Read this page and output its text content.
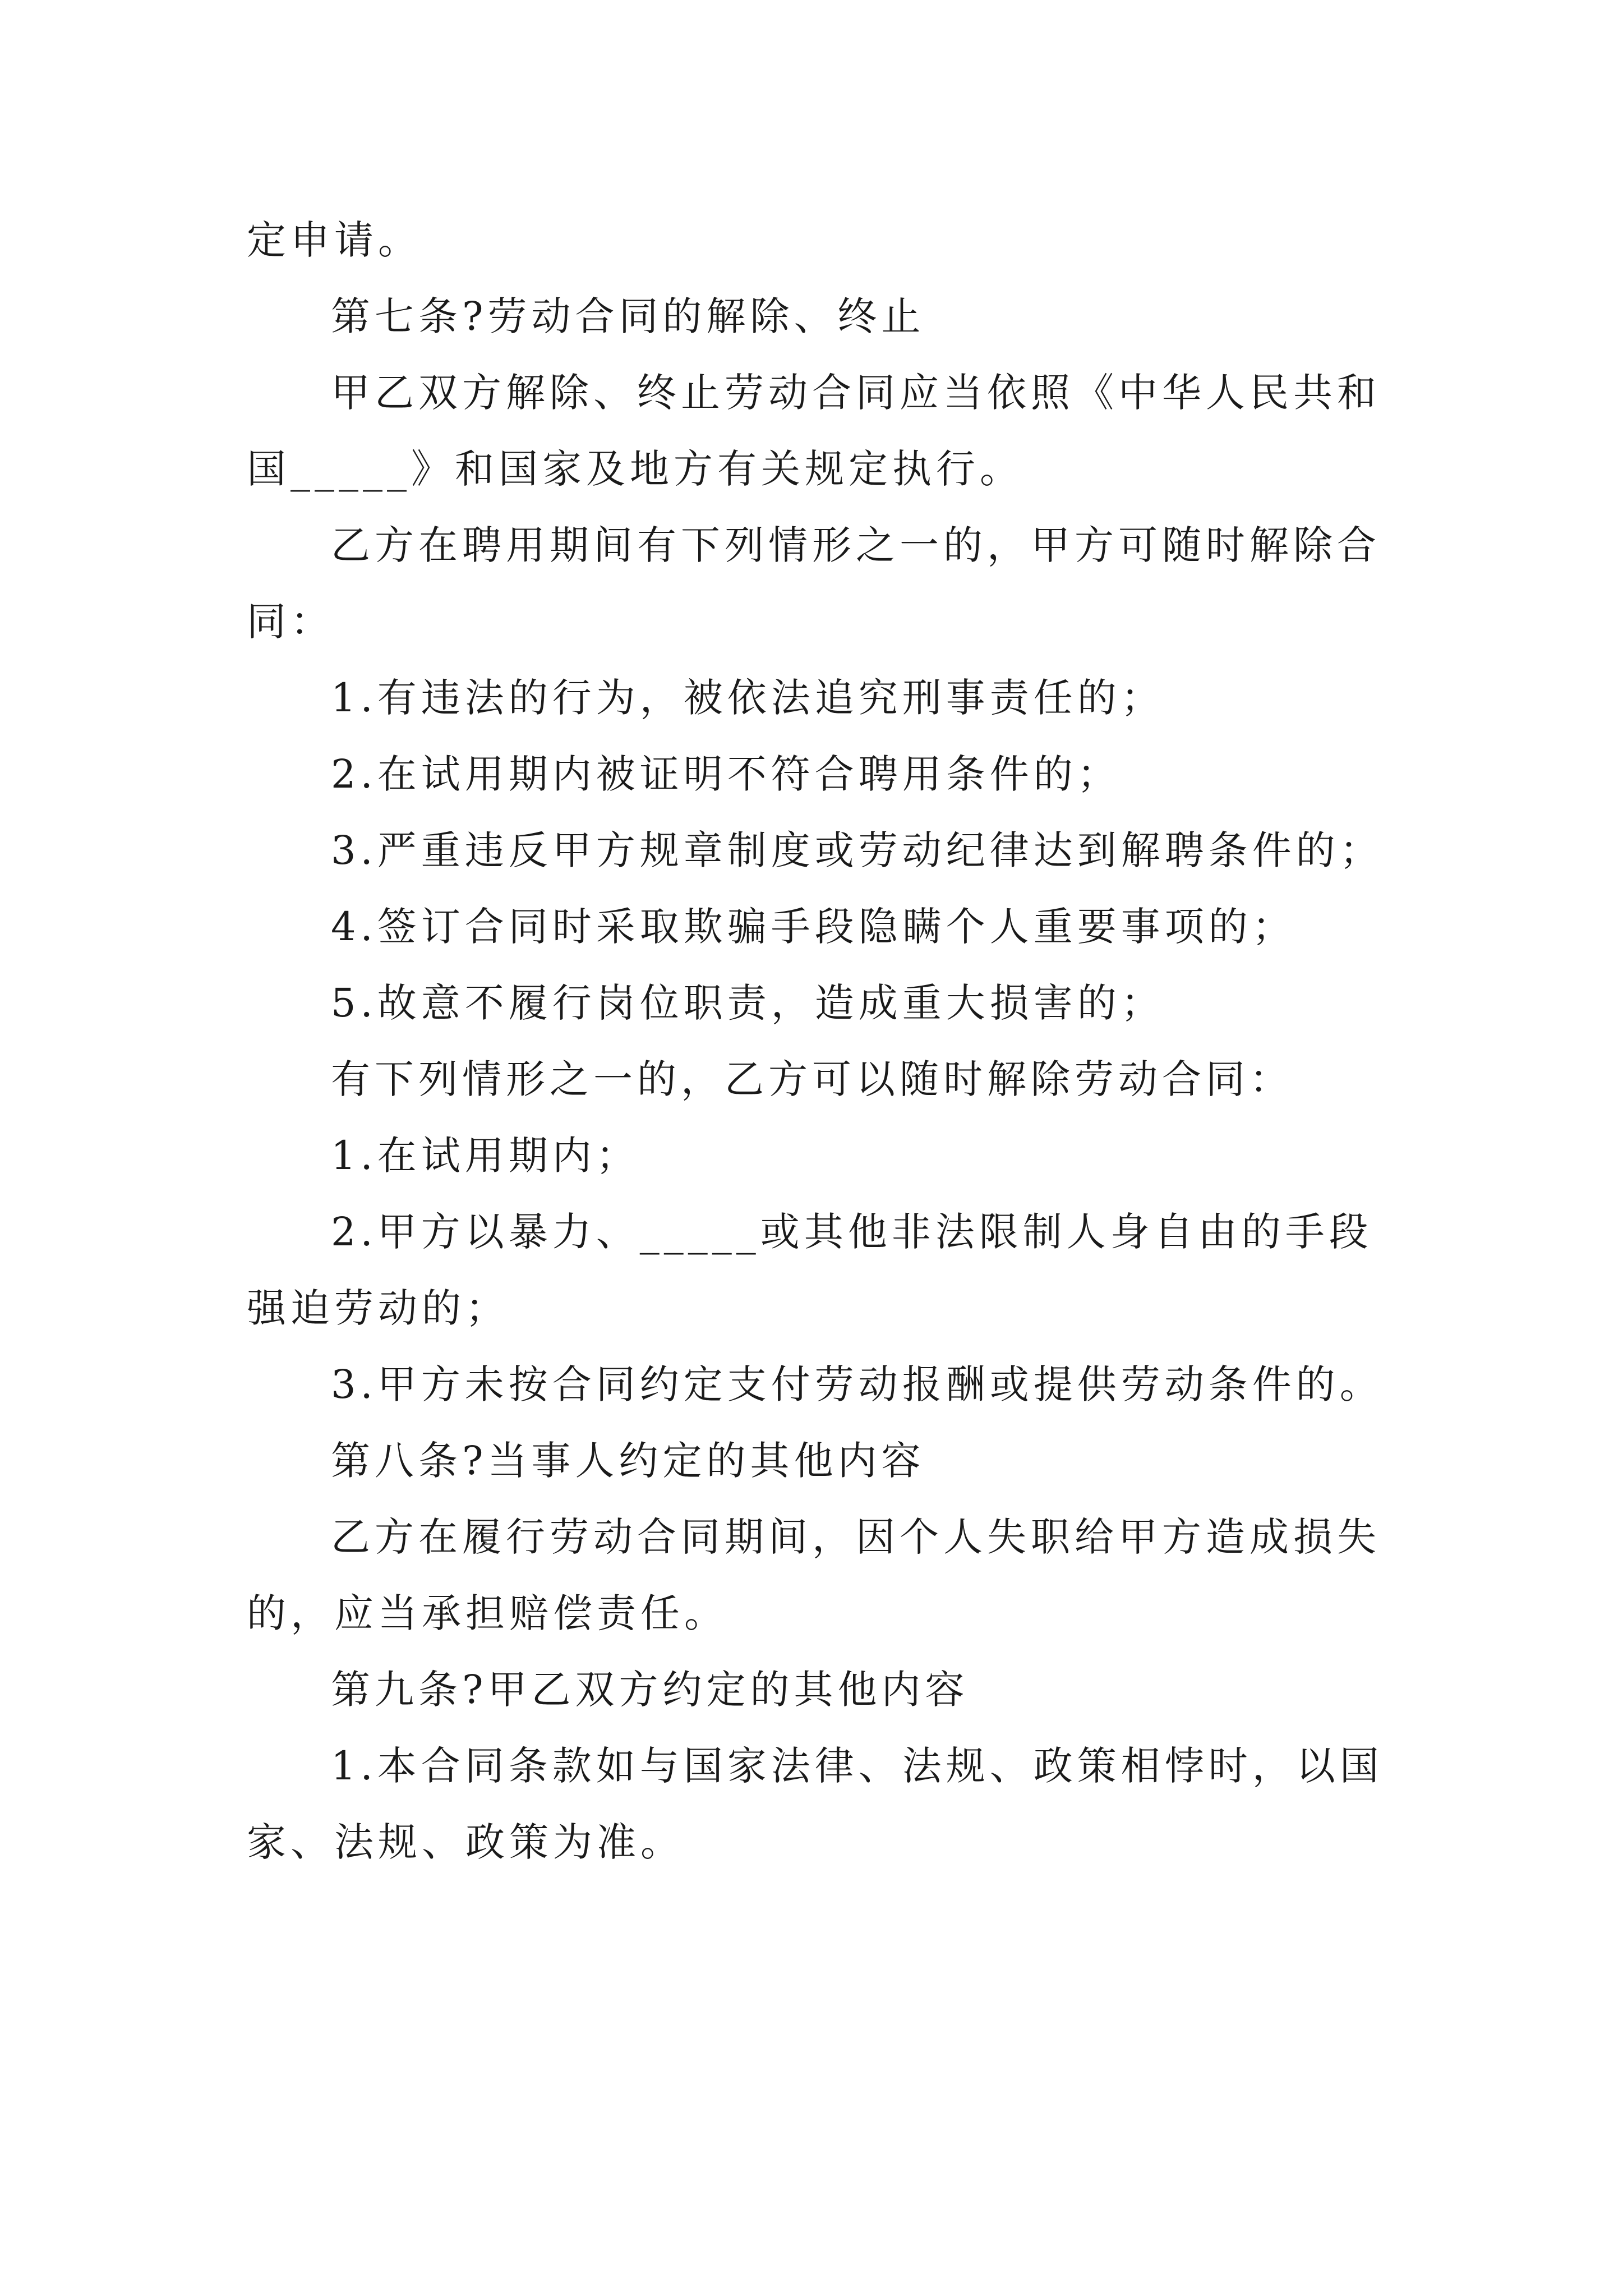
定申请。

第七条?劳动合同的解除、终止

甲乙双方解除、终止劳动合同应当依照《中华人民共和

国_____》和国家及地方有关规定执行。

乙方在聘用期间有下列情形之一的，甲方可随时解除合

同：

1.有违法的行为，被依法追究刑事责任的；

2.在试用期内被证明不符合聘用条件的；

3.严重违反甲方规章制度或劳动纪律达到解聘条件的；

4.签订合同时采取欺骗手段隐瞒个人重要事项的；

5.故意不履行岗位职责，造成重大损害的；

有下列情形之一的，乙方可以随时解除劳动合同：

1.在试用期内；

2.甲方以暴力、_____或其他非法限制人身自由的手段

强迫劳动的；

3.甲方未按合同约定支付劳动报酬或提供劳动条件的。

第八条?当事人约定的其他内容

乙方在履行劳动合同期间，因个人失职给甲方造成损失

的，应当承担赔偿责任。

第九条?甲乙双方约定的其他内容

1.本合同条款如与国家法律、法规、政策相悖时，以国

家、法规、政策为准。
